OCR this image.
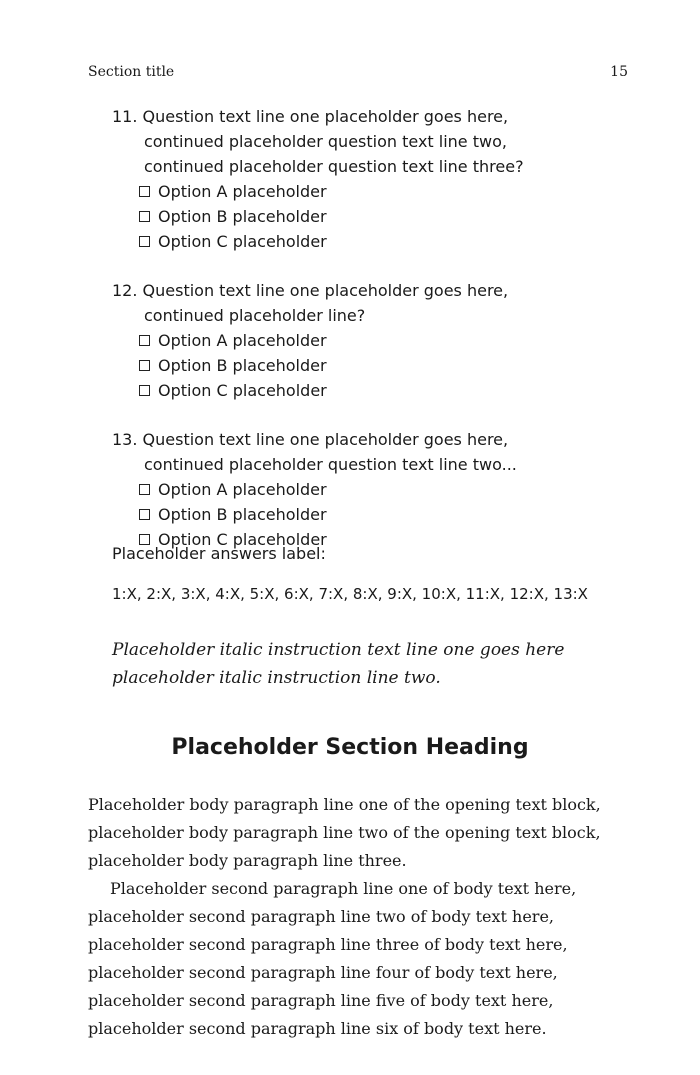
Section title	15
11. Question text line one placeholder goes here,
continued placeholder question text line two,
continued placeholder question text line three?
Option A placeholder
Option B placeholder
Option C placeholder
12. Question text line one placeholder goes here,
continued placeholder line?
Option A placeholder
Option B placeholder
Option C placeholder
13. Question text line one placeholder goes here,
continued placeholder question text line two...
Option A placeholder
Option B placeholder
Option C placeholder
Placeholder answers label:
1:X, 2:X, 3:X, 4:X, 5:X, 6:X, 7:X, 8:X, 9:X, 10:X, 11:X, 12:X, 13:X
Placeholder italic instruction text line one goes here
placeholder italic instruction line two.
Placeholder Section Heading
Placeholder body paragraph line one of the opening text block,
placeholder body paragraph line two of the opening text block,
placeholder body paragraph line three.
Placeholder second paragraph line one of body text here,
placeholder second paragraph line two of body text here,
placeholder second paragraph line three of body text here,
placeholder second paragraph line four of body text here,
placeholder second paragraph line five of body text here,
placeholder second paragraph line six of body text here.
